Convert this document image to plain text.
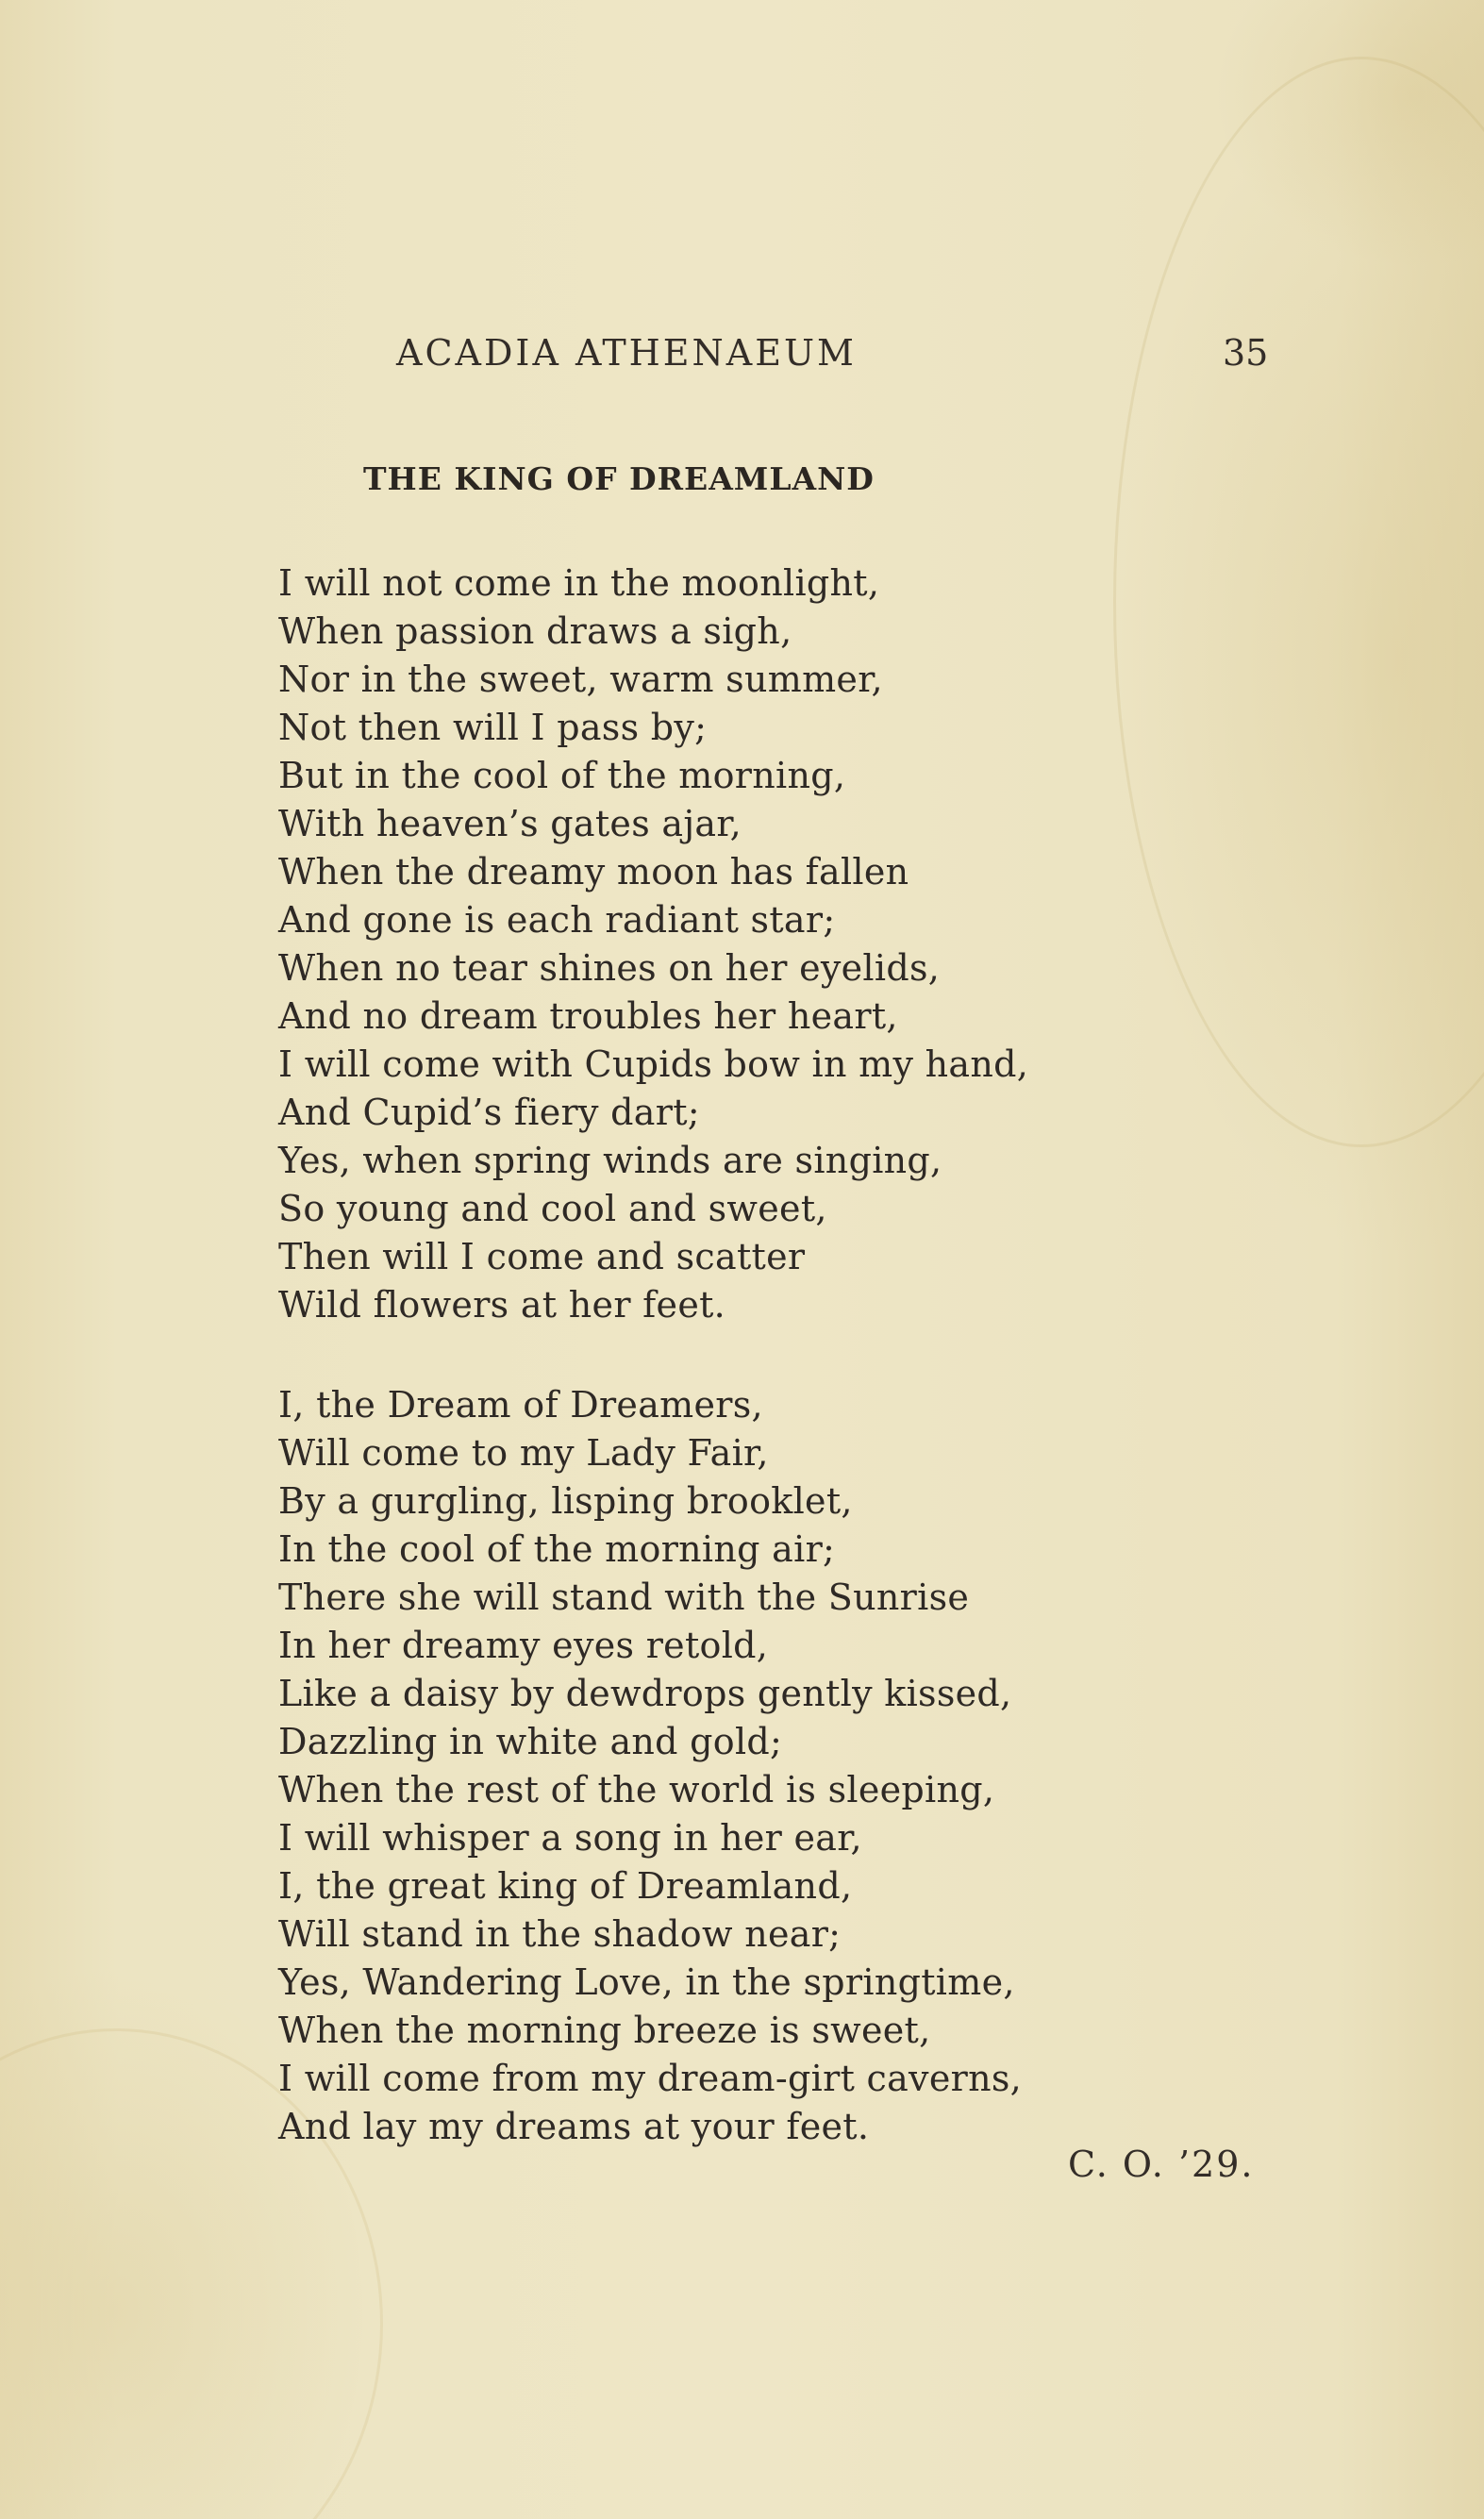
ACADIA ATHENAEUM	35
THE KING OF DREAMLAND
I will not come in the moonlight,
When passion draws a sigh,
Nor in the sweet, warm summer,
Not then will I pass by;
But in the cool of the morning,
With heaven’s gates ajar,
When the dreamy moon has fallen
And gone is each radiant star;
When no tear shines on her eyelids,
And no dream troubles her heart,
I will come with Cupids bow in my hand,
And Cupid’s fiery dart;
Yes, when spring winds are singing,
So young and cool and sweet,
Then will I come and scatter
Wild flowers at her feet.
I, the Dream of Dreamers,
Will come to my Lady Fair,
By a gurgling, lisping brooklet,
In the cool of the morning air;
There she will stand with the Sunrise
In her dreamy eyes retold,
Like a daisy by dewdrops gently kissed,
Dazzling in white and gold;
When the rest of the world is sleeping,
I will whisper a song in her ear,
I, the great king of Dreamland,
Will stand in the shadow near;
Yes, Wandering Love, in the springtime,
When the morning breeze is sweet,
I will come from my dream-girt caverns,
And lay my dreams at your feet.
C. O. ’29.
